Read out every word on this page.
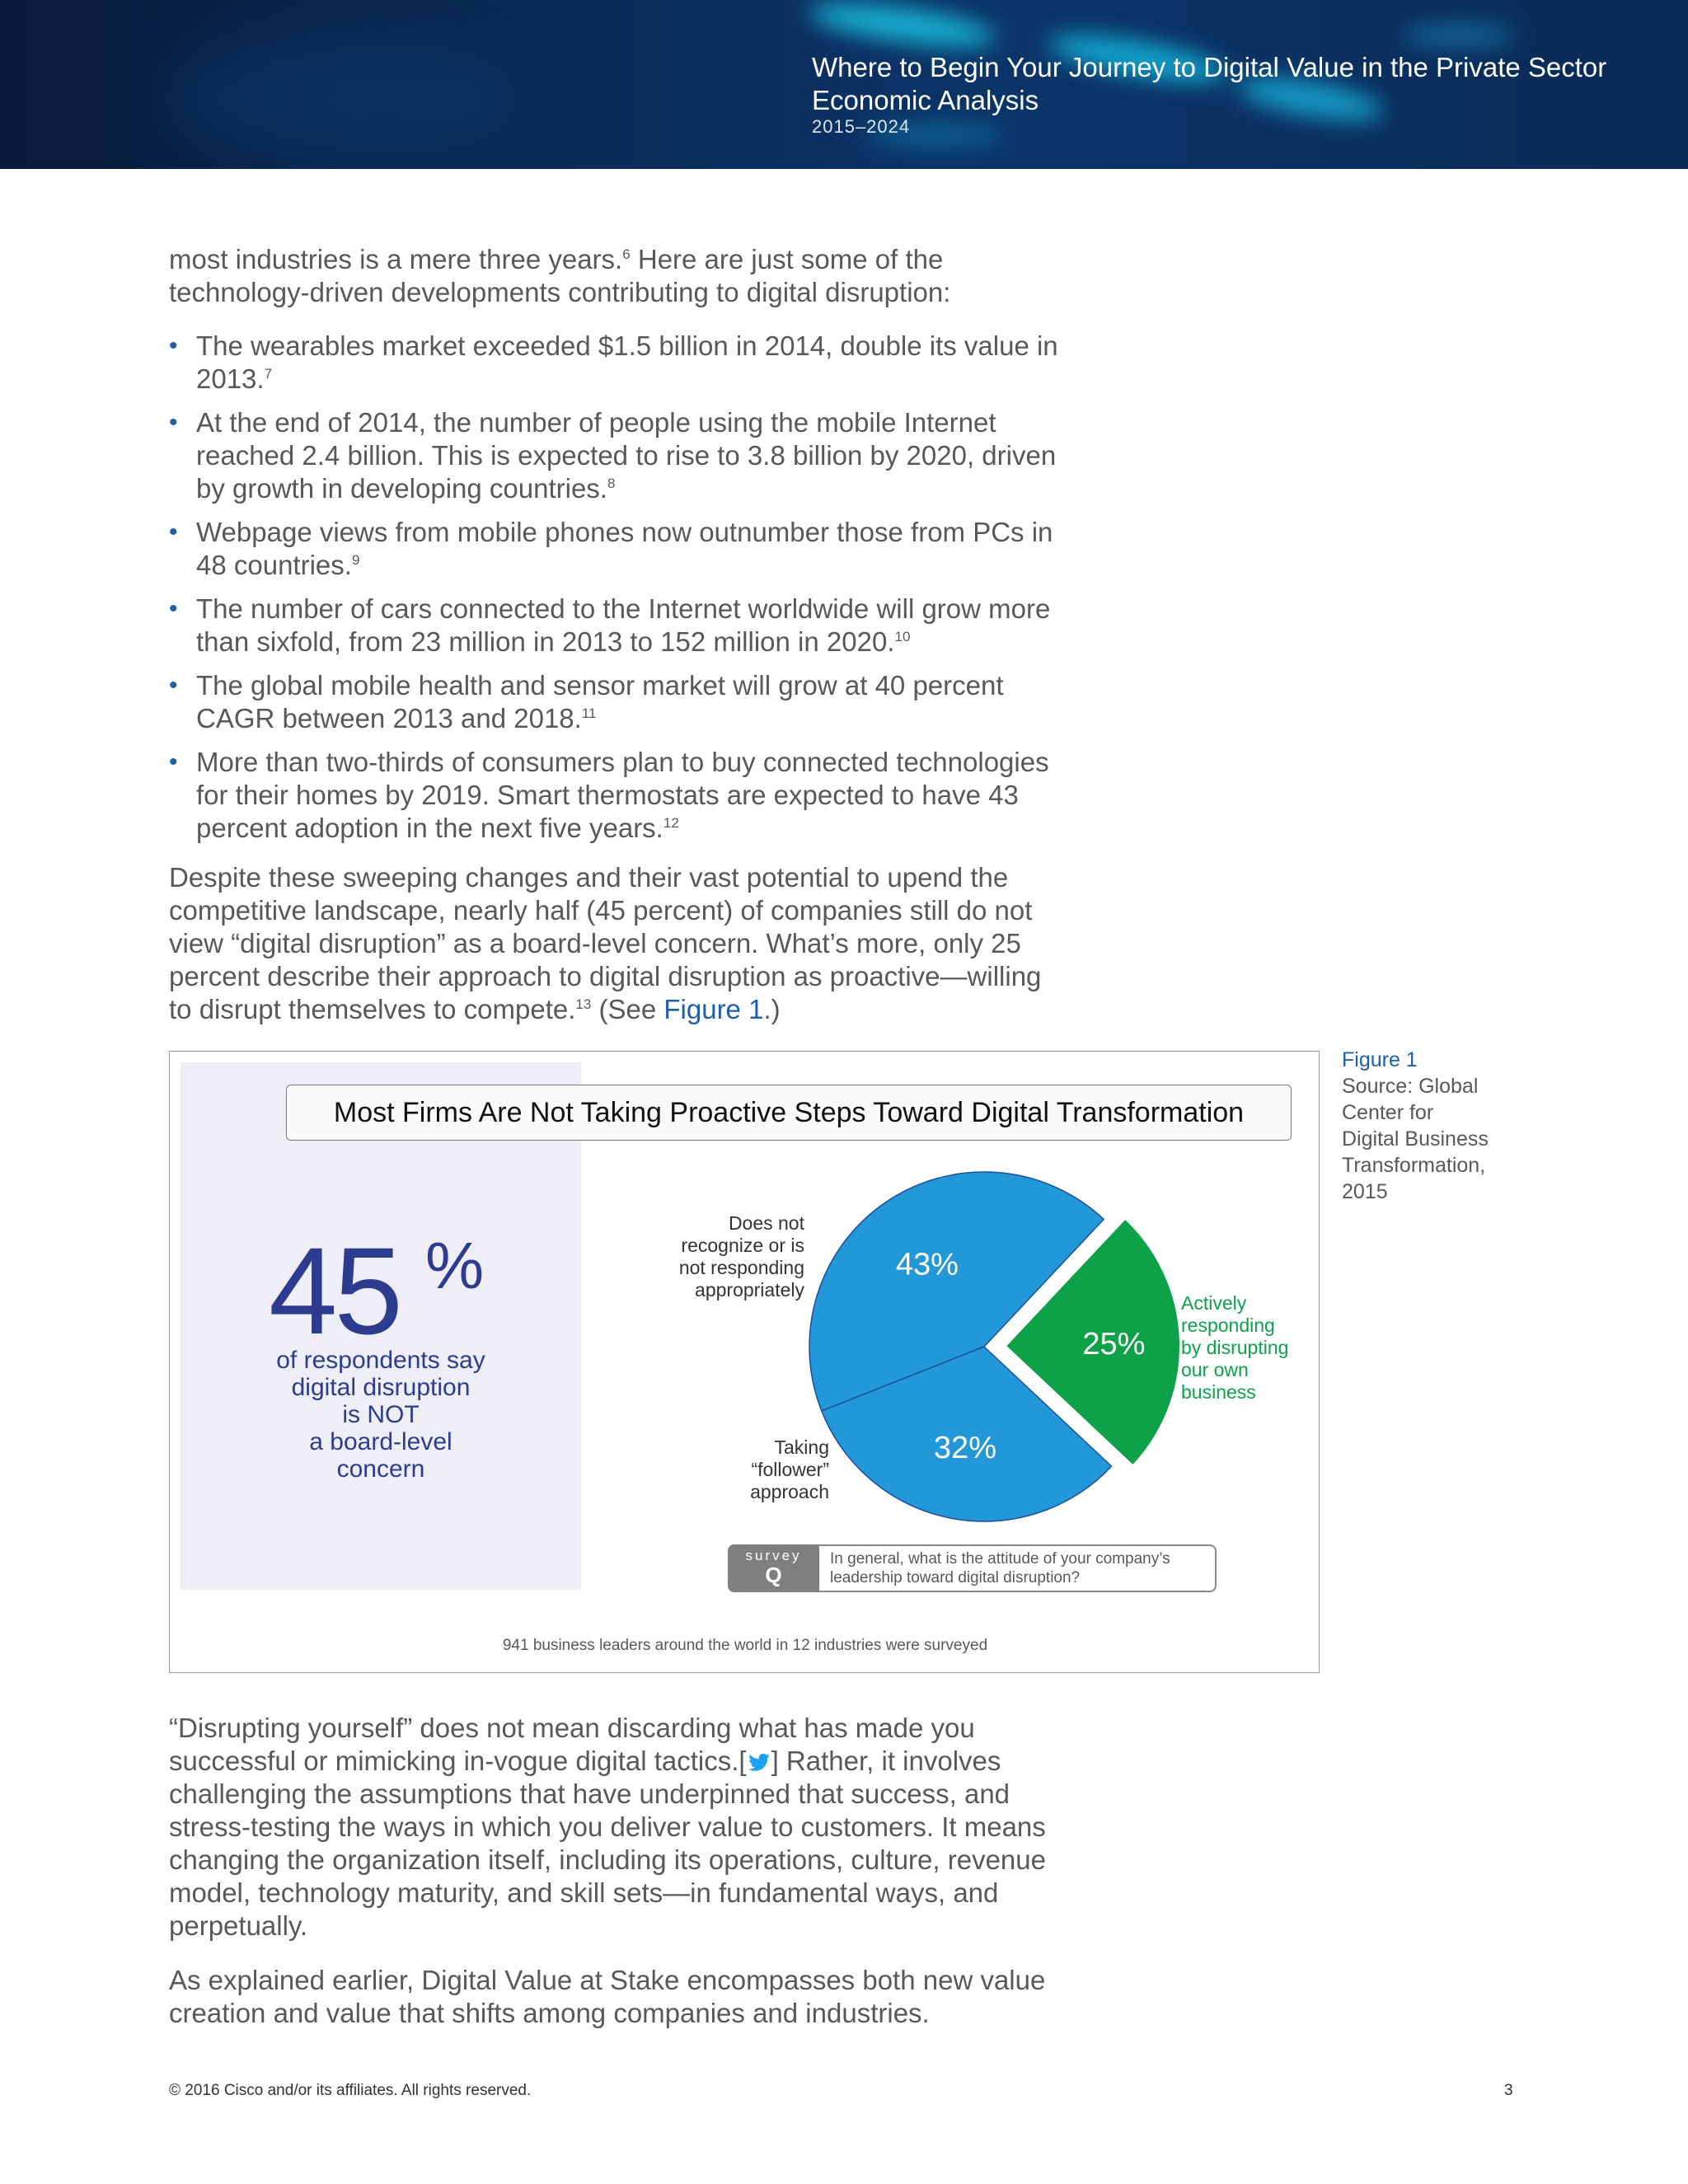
Where to Begin Your Journey to Digital Value in the Private Sector
Economic Analysis
2015–2024
most industries is a mere three years.$^6$ Here are just some of the technology-driven developments contributing to digital disruption:
• The wearables market exceeded $1.5 billion in 2014, double its value in 2013.$^7$
• At the end of 2014, the number of people using the mobile Internet reached 2.4 billion. This is expected to rise to 3.8 billion by 2020, driven by growth in developing countries.$^8$
• Webpage views from mobile phones now outnumber those from PCs in 48 countries.$^9$
• The number of cars connected to the Internet worldwide will grow more than sixfold, from 23 million in 2013 to 152 million in 2020.10
• The global mobile health and sensor market will grow at 40 percent CAGR between 2013 and 2018.11
• More than two-thirds of consumers plan to buy connected technologies for their homes by 2019. Smart thermostats are expected to have 43 percent adoption in the next five years.$^{12}$
Despite these sweeping changes and their vast potential to upend the competitive landscape, nearly half (45 percent) of companies still do not view “digital disruption” as a board-level concern. What’s more, only 25 percent describe their approach to digital disruption as proactive—willing to disrupt themselves to compete.$^{13}$ (See Figure 1.)
45 %
of respondents say
digital disruption
is NOT
a board-level
concern
Most Firms Are Not Taking Proactive Steps Toward Digital Transformation
43%
25%
32%
Does not
recognize or is
not responding
appropriately
Actively
responding
by disrupting
our own
business
Taking
“follower”
approach
survey
Q
In general, what is the attitude of your company’s leadership toward digital disruption?
941 business leaders around the world in 12 industries were surveyed
Figure 1
Source: Global
Center for
Digital Business
Transformation,
2015
“Disrupting yourself” does not mean discarding what has made you successful or mimicking in-vogue digital tactics.[ ] Rather, it involves challenging the assumptions that have underpinned that success, and stress-testing the ways in which you deliver value to customers. It means changing the organization itself, including its operations, culture, revenue model, technology maturity, and skill sets—in fundamental ways, and perpetually.
As explained earlier, Digital Value at Stake encompasses both new value creation and value that shifts among companies and industries.
© 2016 Cisco and/or its affiliates. All rights reserved.	3
